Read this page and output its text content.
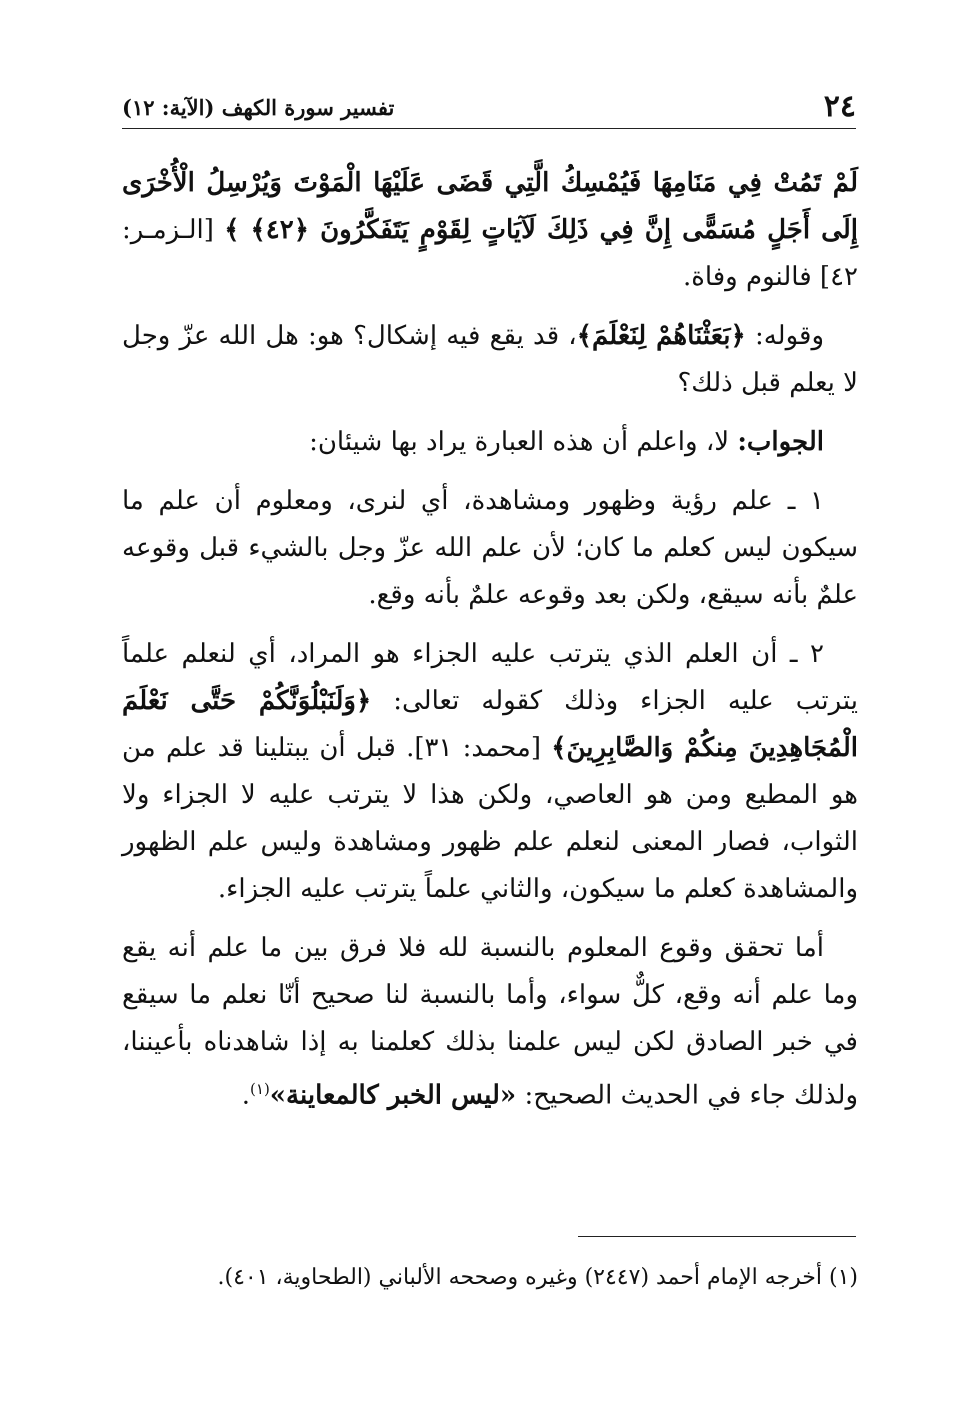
٢٤
تفسير سورة الكهف (الآية: ١٢)

لَمْ تَمُتْ فِي مَنَامِهَا فَيُمْسِكُ الَّتِي قَضَى عَلَيْهَا الْمَوْتَ وَيُرْسِلُ الْأُخْرَى إِلَى أَجَلٍ مُسَمًّى إِنَّ فِي ذَلِكَ لَآيَاتٍ لِقَوْمٍ يَتَفَكَّرُونَ ﴿٤٢﴾ ﴾ [الـزمـر: ٤٢] فالنوم وفاة.

وقوله: ﴿بَعَثْنَاهُمْ لِنَعْلَمَ﴾، قد يقع فيه إشكال؟ هو: هل الله عزّ وجل لا يعلم قبل ذلك؟

الجواب: لا، واعلم أن هذه العبارة يراد بها شيئان:

١ ـ علم رؤية وظهور ومشاهدة، أي لنرى، ومعلوم أن علم ما سيكون ليس كعلم ما كان؛ لأن علم الله عزّ وجل بالشيء قبل وقوعه علمٌ بأنه سيقع، ولكن بعد وقوعه علمٌ بأنه وقع.

٢ ـ أن العلم الذي يترتب عليه الجزاء هو المراد، أي لنعلم علماً يترتب عليه الجزاء وذلك كقوله تعالى: ﴿وَلَنَبْلُوَنَّكُمْ حَتَّى نَعْلَمَ الْمُجَاهِدِينَ مِنكُمْ وَالصَّابِرِينَ﴾ [محمد: ٣١]. قبل أن يبتلينا قد علم من هو المطيع ومن هو العاصي، ولكن هذا لا يترتب عليه لا الجزاء ولا الثواب، فصار المعنى لنعلم علم ظهور ومشاهدة وليس علم الظهور والمشاهدة كعلم ما سيكون، والثاني علماً يترتب عليه الجزاء.

أما تحقق وقوع المعلوم بالنسبة لله فلا فرق بين ما علم أنه يقع وما علم أنه وقع، كلٌّ سواء، وأما بالنسبة لنا صحيح أنّا نعلم ما سيقع في خبر الصادق لكن ليس علمنا بذلك كعلمنا به إذا شاهدناه بأعيننا، ولذلك جاء في الحديث الصحيح: «ليس الخبر كالمعاينة»$^{(١)}$.

(١) أخرجه الإمام أحمد (٢٤٤٧) وغيره وصححه الألباني (الطحاوية، ٤٠١).
